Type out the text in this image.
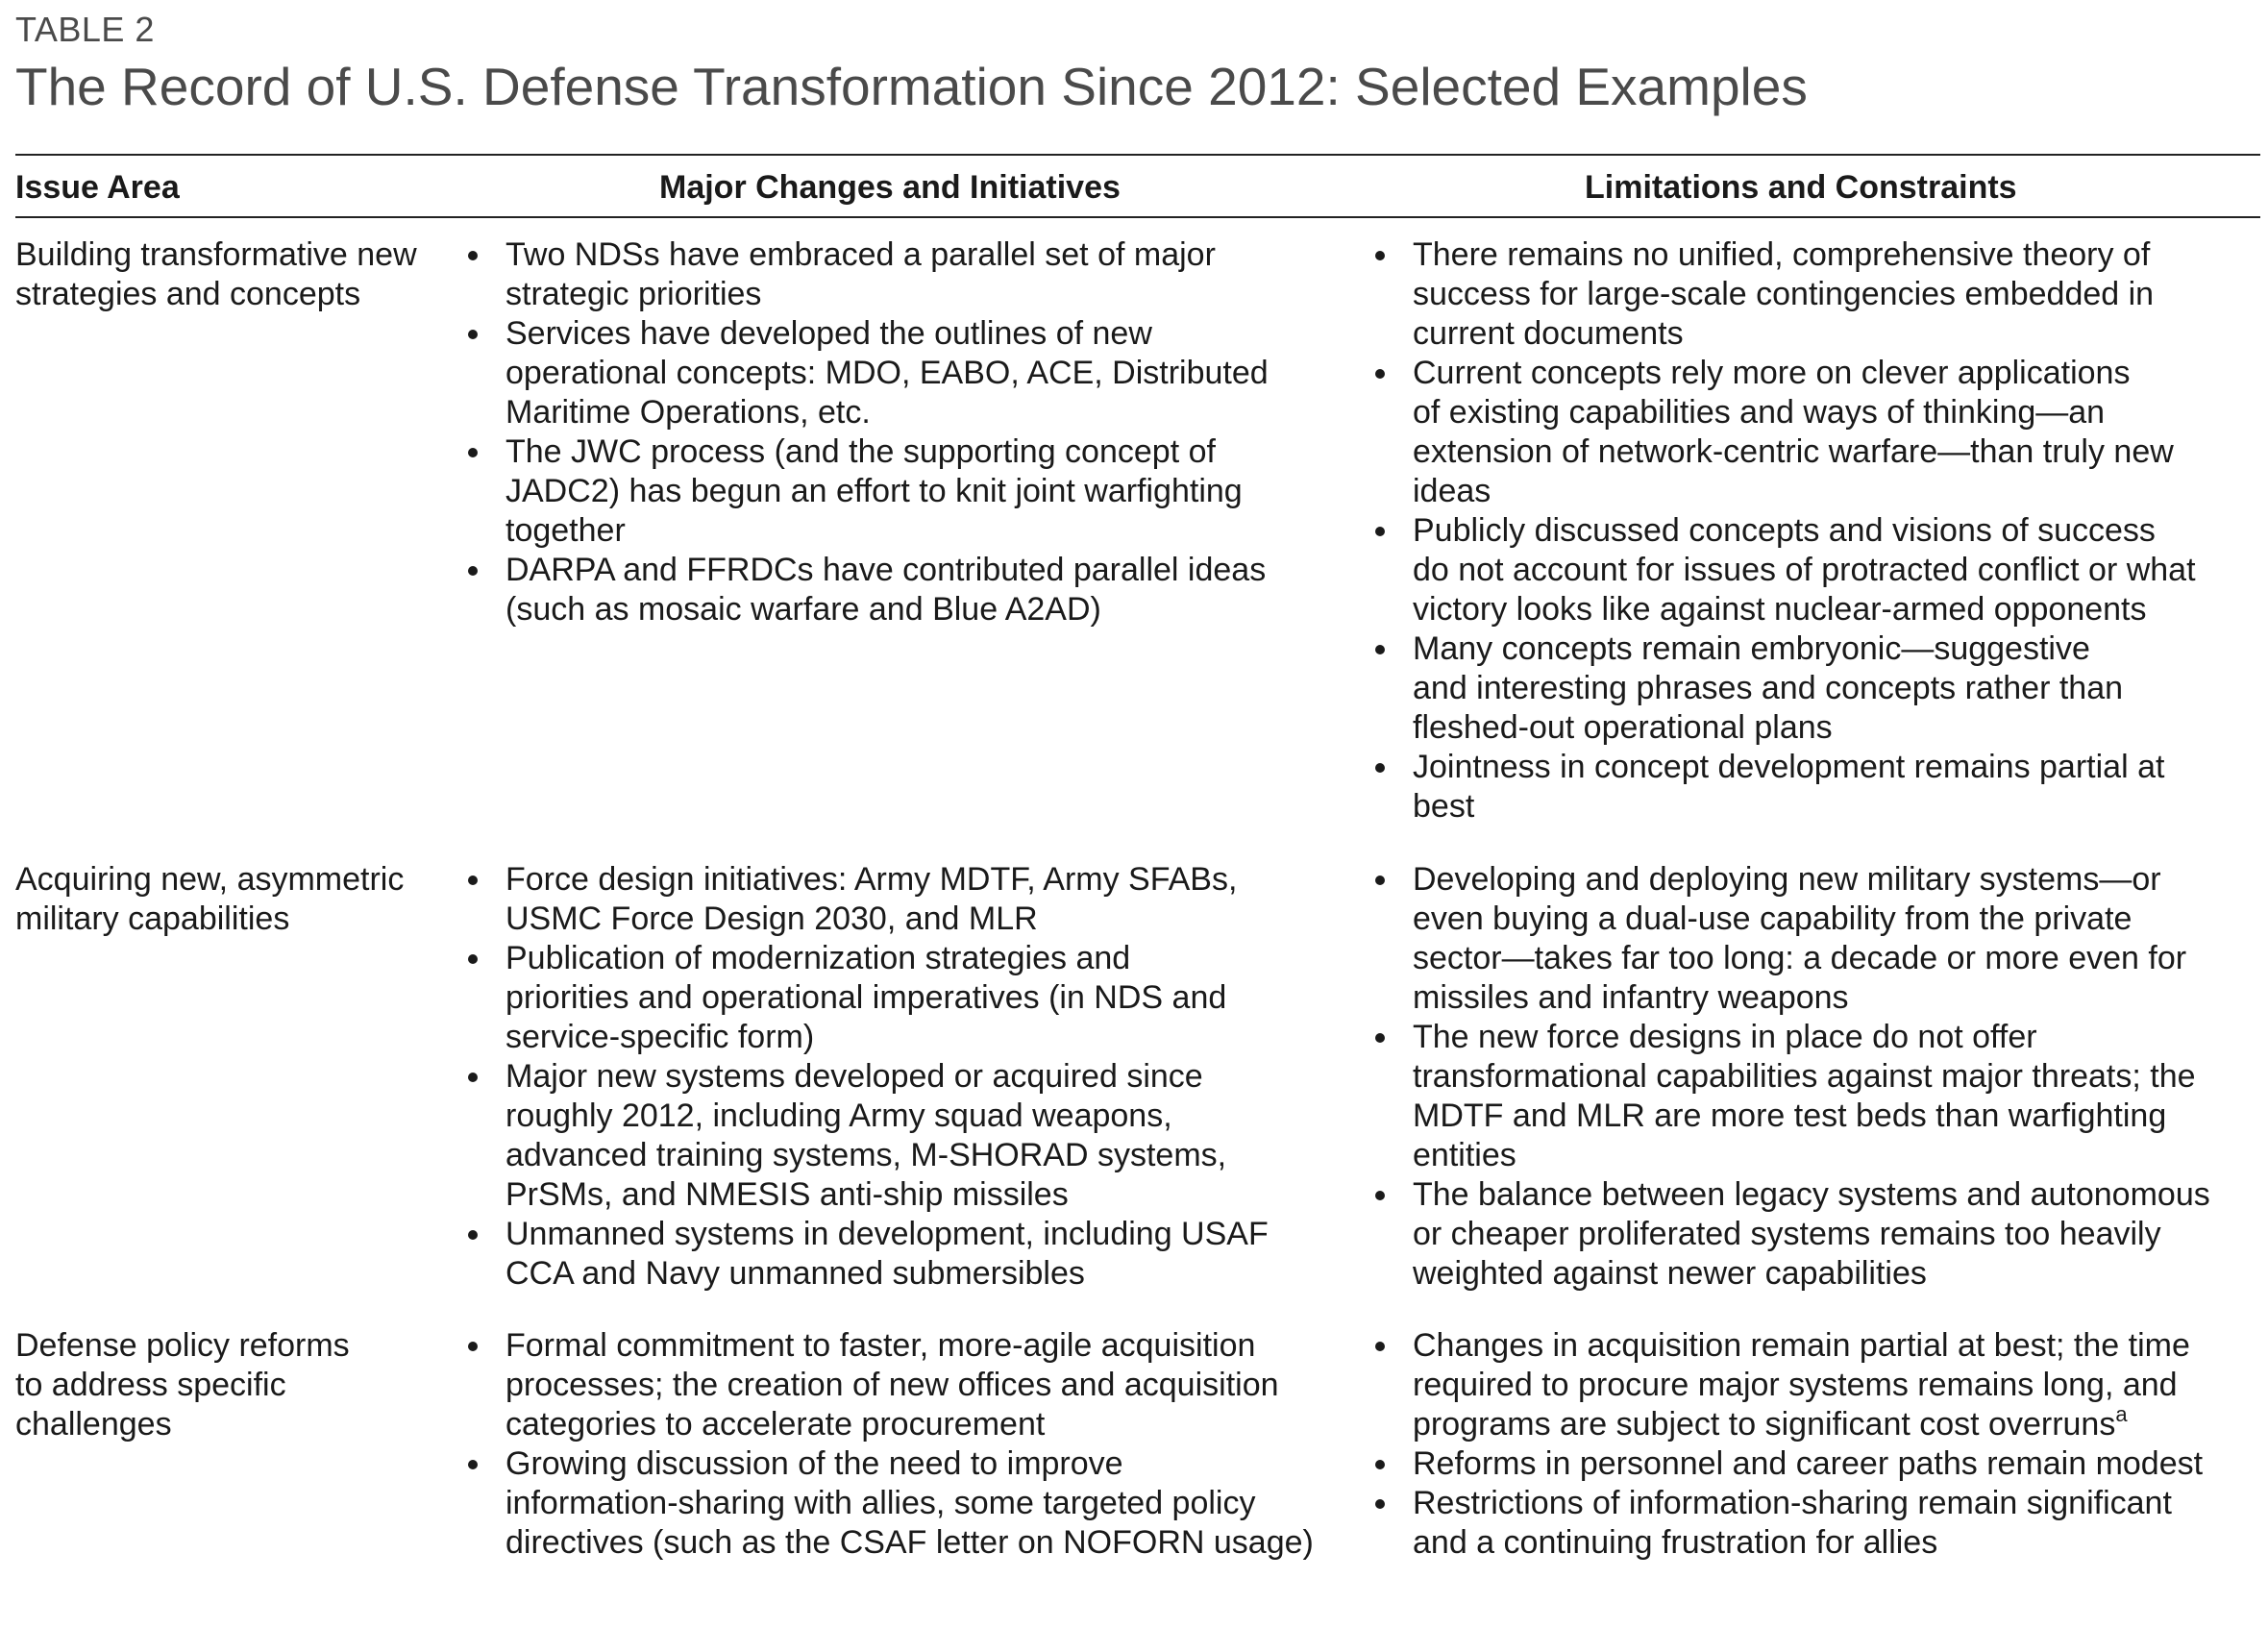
TABLE 2
The Record of U.S. Defense Transformation Since 2012: Selected Examples
Issue Area	Major Changes and Initiatives	Limitations and Constraints
Building transformative new
strategies and concepts
Two NDSs have embraced a parallel set of major
strategic priorities
Services have developed the outlines of new
operational concepts: MDO, EABO, ACE, Distributed
Maritime Operations, etc.
The JWC process (and the supporting concept of
JADC2) has begun an effort to knit joint warfighting
together
DARPA and FFRDCs have contributed parallel ideas
(such as mosaic warfare and Blue A2AD)
There remains no unified, comprehensive theory of
success for large-scale contingencies embedded in
current documents
Current concepts rely more on clever applications
of existing capabilities and ways of thinking—an
extension of network-centric warfare—than truly new
ideas
Publicly discussed concepts and visions of success
do not account for issues of protracted conflict or what
victory looks like against nuclear-armed opponents
Many concepts remain embryonic—suggestive
and interesting phrases and concepts rather than
fleshed-out operational plans
Jointness in concept development remains partial at
best
Acquiring new, asymmetric
military capabilities
Force design initiatives: Army MDTF, Army SFABs,
USMC Force Design 2030, and MLR
Publication of modernization strategies and
priorities and operational imperatives (in NDS and
service-specific form)
Major new systems developed or acquired since
roughly 2012, including Army squad weapons,
advanced training systems, M-SHORAD systems,
PrSMs, and NMESIS anti-ship missiles
Unmanned systems in development, including USAF
CCA and Navy unmanned submersibles
Developing and deploying new military systems—or
even buying a dual-use capability from the private
sector—takes far too long: a decade or more even for
missiles and infantry weapons
The new force designs in place do not offer
transformational capabilities against major threats; the
MDTF and MLR are more test beds than warfighting
entities
The balance between legacy systems and autonomous
or cheaper proliferated systems remains too heavily
weighted against newer capabilities
Defense policy reforms
to address specific
challenges
Formal commitment to faster, more-agile acquisition
processes; the creation of new offices and acquisition
categories to accelerate procurement
Growing discussion of the need to improve
information-sharing with allies, some targeted policy
directives (such as the CSAF letter on NOFORN usage)
Changes in acquisition remain partial at best; the time
required to procure major systems remains long, and
programs are subject to significant cost overruns$^a$
Reforms in personnel and career paths remain modest
Restrictions of information-sharing remain significant
and a continuing frustration for allies
